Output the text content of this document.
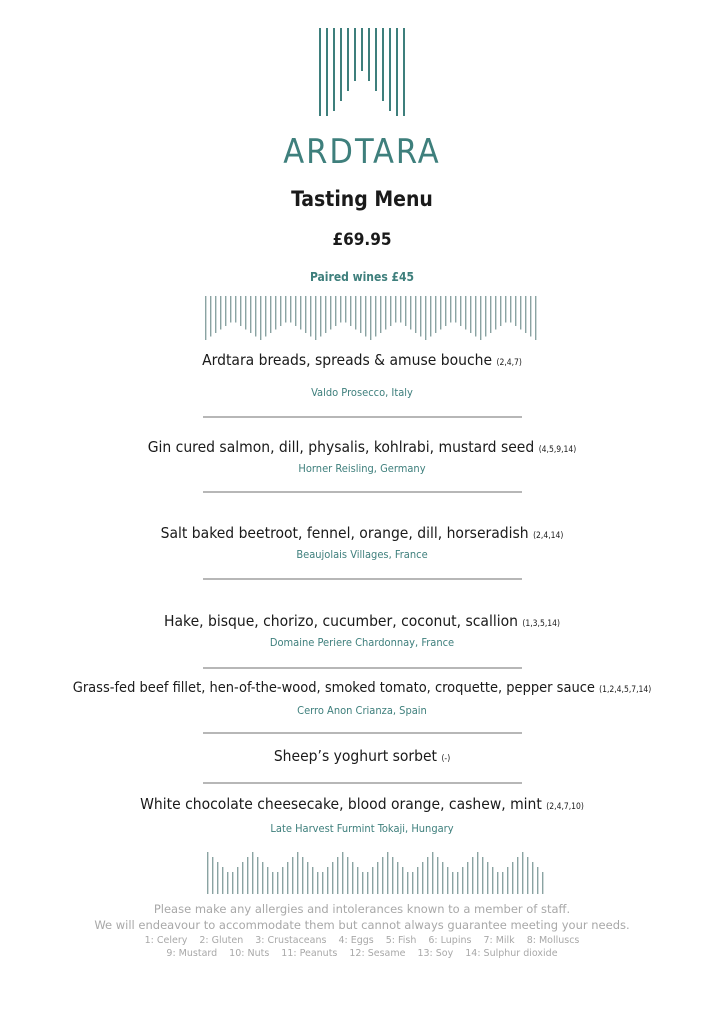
ARDTARA
Tasting Menu
£69.95
Paired wines £45
Ardtara breads, spreads & amuse bouche (2,4,7)
Valdo Prosecco, Italy
Gin cured salmon, dill, physalis, kohlrabi, mustard seed (4,5,9,14)
Horner Reisling, Germany
Salt baked beetroot, fennel, orange, dill, horseradish (2,4,14)
Beaujolais Villages, France
Hake, bisque, chorizo, cucumber, coconut, scallion (1,3,5,14)
Domaine Periere Chardonnay, France
Grass-fed beef fillet, hen-of-the-wood, smoked tomato, croquette, pepper sauce (1,2,4,5,7,14)
Cerro Anon Crianza, Spain
Sheep’s yoghurt sorbet (-)
White chocolate cheesecake, blood orange, cashew, mint (2,4,7,10)
Late Harvest Furmint Tokaji, Hungary
Please make any allergies and intolerances known to a member of staff.
We will endeavour to accommodate them but cannot always guarantee meeting your needs.
1: Celery 2: Gluten 3: Crustaceans 4: Eggs 5: Fish 6: Lupins 7: Milk 8: Molluscs
9: Mustard 10: Nuts 11: Peanuts 12: Sesame 13: Soy 14: Sulphur dioxide
